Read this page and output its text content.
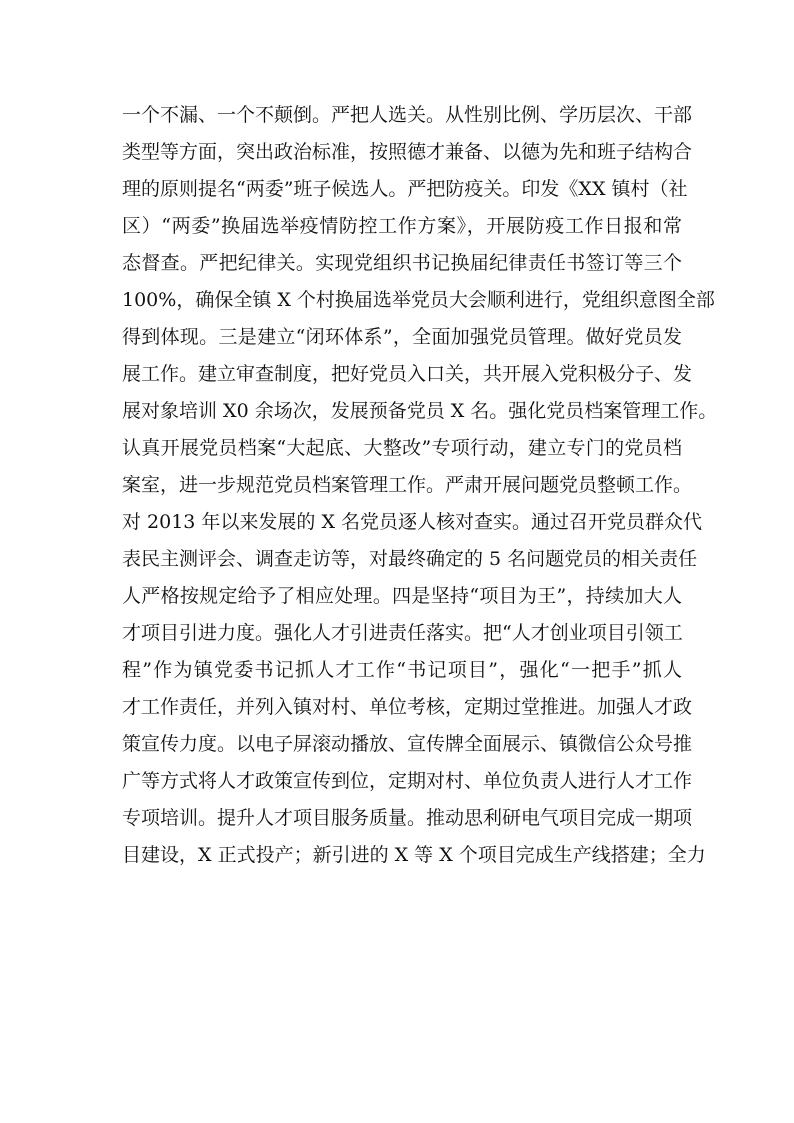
一个不漏、一个不颠倒。严把人选关。从性别比例、学历层次、干部
类型等方面，突出政治标准，按照德才兼备、以德为先和班子结构合
理的原则提名“两委”班子候选人。严把防疫关。印发《XX 镇村（社
区）“两委”换届选举疫情防控工作方案》，开展防疫工作日报和常
态督查。严把纪律关。实现党组织书记换届纪律责任书签订等三个
100%，确保全镇 X 个村换届选举党员大会顺利进行，党组织意图全部
得到体现。三是建立“闭环体系”，全面加强党员管理。做好党员发
展工作。建立审查制度，把好党员入口关，共开展入党积极分子、发
展对象培训 X0 余场次，发展预备党员 X 名。强化党员档案管理工作。
认真开展党员档案“大起底、大整改”专项行动，建立专门的党员档
案室，进一步规范党员档案管理工作。严肃开展问题党员整顿工作。
对 2013 年以来发展的 X 名党员逐人核对查实。通过召开党员群众代
表民主测评会、调查走访等，对最终确定的 5 名问题党员的相关责任
人严格按规定给予了相应处理。四是坚持“项目为王”，持续加大人
才项目引进力度。强化人才引进责任落实。把“人才创业项目引领工
程”作为镇党委书记抓人才工作“书记项目”，强化“一把手”抓人
才工作责任，并列入镇对村、单位考核，定期过堂推进。加强人才政
策宣传力度。以电子屏滚动播放、宣传牌全面展示、镇微信公众号推
广等方式将人才政策宣传到位，定期对村、单位负责人进行人才工作
专项培训。提升人才项目服务质量。推动思利研电气项目完成一期项
目建设，X 正式投产；新引进的 X 等 X 个项目完成生产线搭建；全力
